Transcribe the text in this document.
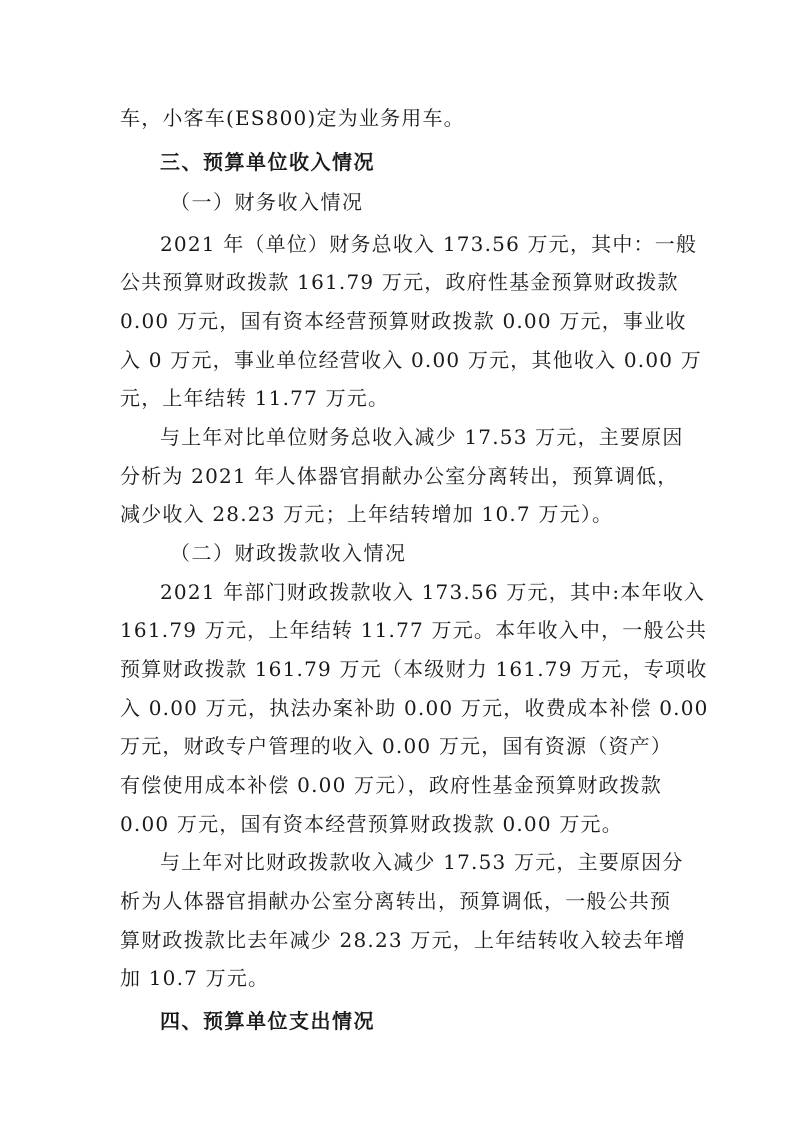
车，小客车(ES800)定为业务用车。
三、预算单位收入情况
（一）财务收入情况
2021 年（单位）财务总收入 173.56 万元，其中：一般
公共预算财政拨款 161.79 万元，政府性基金预算财政拨款
0.00 万元，国有资本经营预算财政拨款 0.00 万元，事业收
入 0 万元，事业单位经营收入 0.00 万元，其他收入 0.00 万
元，上年结转 11.77 万元。
与上年对比单位财务总收入减少 17.53 万元，主要原因
分析为 2021 年人体器官捐献办公室分离转出，预算调低，
减少收入 28.23 万元；上年结转增加 10.7 万元）。
（二）财政拨款收入情况
2021 年部门财政拨款收入 173.56 万元，其中:本年收入
161.79 万元，上年结转 11.77 万元。本年收入中，一般公共
预算财政拨款 161.79 万元（本级财力 161.79 万元，专项收
入 0.00 万元，执法办案补助 0.00 万元，收费成本补偿 0.00
万元，财政专户管理的收入 0.00 万元，国有资源（资产）
有偿使用成本补偿 0.00 万元），政府性基金预算财政拨款
0.00 万元，国有资本经营预算财政拨款 0.00 万元。
与上年对比财政拨款收入减少 17.53 万元，主要原因分
析为人体器官捐献办公室分离转出，预算调低，一般公共预
算财政拨款比去年减少 28.23 万元，上年结转收入较去年增
加 10.7 万元。
四、预算单位支出情况
